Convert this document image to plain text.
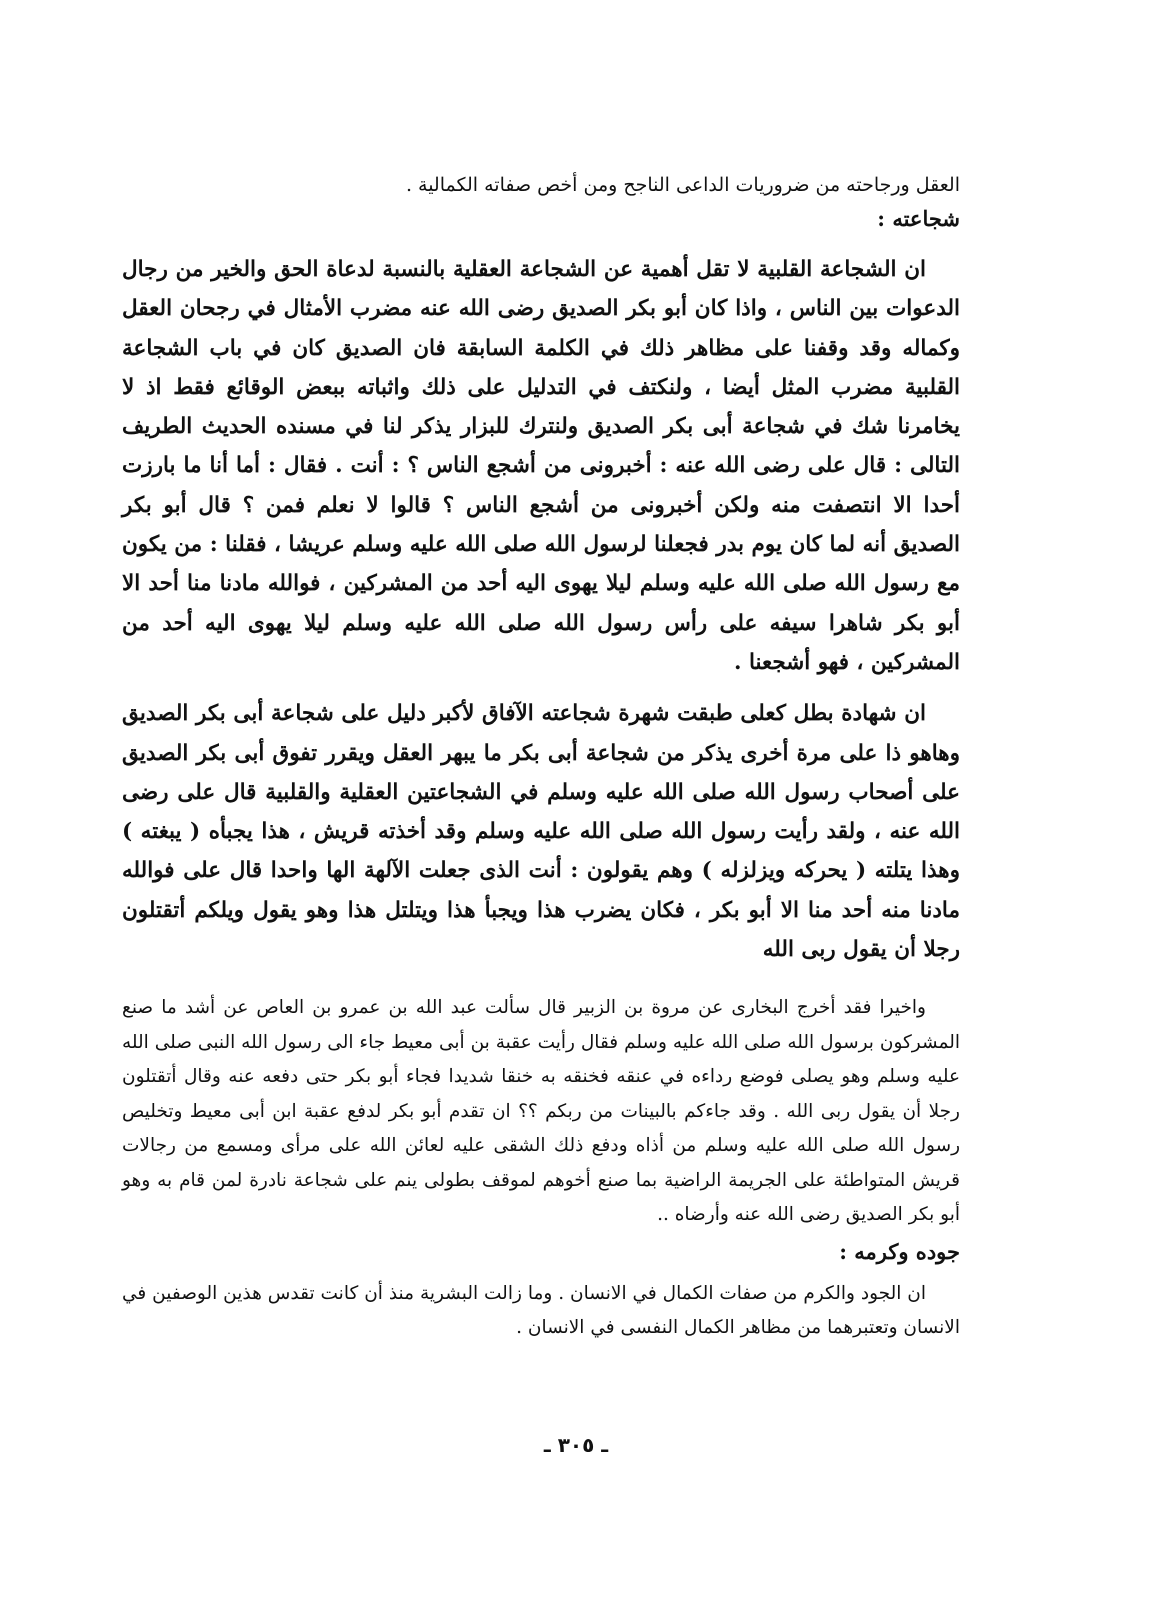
العقل ورجاحته من ضروريات الداعى الناجح ومن أخص صفاته الكمالية .

شجاعته :

ان الشجاعة القلبية لا تقل أهمية عن الشجاعة العقلية بالنسبة لدعاة الحق والخير من رجال الدعوات بين الناس ، واذا كان أبو بكر الصديق رضى الله عنه مضرب الأمثال في رجحان العقل وكماله وقد وقفنا على مظاهر ذلك في الكلمة السابقة فان الصديق كان في باب الشجاعة القلبية مضرب المثل أيضا ، ولنكتف في التدليل على ذلك واثباته ببعض الوقائع فقط اذ لا يخامرنا شك في شجاعة أبى بكر الصديق ولنترك للبزار يذكر لنا في مسنده الحديث الطريف التالى : قال على رضى الله عنه : أخبرونى من أشجع الناس ؟ : أنت . فقال : أما أنا ما بارزت أحدا الا انتصفت منه ولكن أخبرونى من أشجع الناس ؟ قالوا لا نعلم فمن ؟ قال أبو بكر الصديق أنه لما كان يوم بدر فجعلنا لرسول الله صلى الله عليه وسلم عريشا ، فقلنا : من يكون مع رسول الله صلى الله عليه وسلم ليلا يهوى اليه أحد من المشركين ، فوالله مادنا منا أحد الا أبو بكر شاهرا سيفه على رأس رسول الله صلى الله عليه وسلم ليلا يهوى اليه أحد من المشركين ، فهو أشجعنا .

ان شهادة بطل كعلى طبقت شهرة شجاعته الآفاق لأكبر دليل على شجاعة أبى بكر الصديق وهاهو ذا على مرة أخرى يذكر من شجاعة أبى بكر ما يبهر العقل ويقرر تفوق أبى بكر الصديق على أصحاب رسول الله صلى الله عليه وسلم في الشجاعتين العقلية والقلبية قال على رضى الله عنه ، ولقد رأيت رسول الله صلى الله عليه وسلم وقد أخذته قريش ، هذا يجبأه ( يبغته ) وهذا يتلته ( يحركه ويزلزله ) وهم يقولون : أنت الذى جعلت الآلهة الها واحدا قال على فوالله مادنا منه أحد منا الا أبو بكر ، فكان يضرب هذا ويجبأ هذا ويتلتل هذا وهو يقول ويلكم أتقتلون رجلا أن يقول ربى الله

واخيرا فقد أخرج البخارى عن مروة بن الزبير قال سألت عبد الله بن عمرو بن العاص عن أشد ما صنع المشركون برسول الله صلى الله عليه وسلم فقال رأيت عقبة بن أبى معيط جاء الى رسول الله النبى صلى الله عليه وسلم وهو يصلى فوضع رداءه في عنقه فخنقه به خنقا شديدا فجاء أبو بكر حتى دفعه عنه وقال أتقتلون رجلا أن يقول ربى الله . وقد جاءكم بالبينات من ربكم ؟؟ ان تقدم أبو بكر لدفع عقبة ابن أبى معيط وتخليص رسول الله صلى الله عليه وسلم من أذاه ودفع ذلك الشقى عليه لعائن الله على مرأى ومسمع من رجالات قريش المتواطئة على الجريمة الراضية بما صنع أخوهم لموقف بطولى ينم على شجاعة نادرة لمن قام به وهو أبو بكر الصديق رضى الله عنه وأرضاه ..

جوده وكرمه :

ان الجود والكرم من صفات الكمال في الانسان . وما زالت البشرية منذ أن كانت تقدس هذين الوصفين في الانسان وتعتبرهما من مظاهر الكمال النفسى في الانسان .

ـ ٣٠٥ ـ
